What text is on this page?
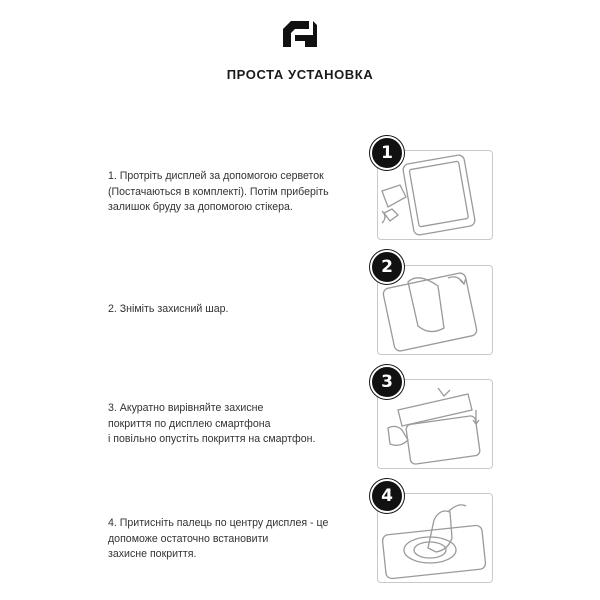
ПРОСТА УСТАНОВКА
1. Протріть дисплей за допомогою серветок
(Постачаються в комплекті). Потім приберіть
залишок бруду за допомогою стікера.
1
2. Зніміть захисний шар.
2
3. Акуратно вирівняйте захисне
покриття по дисплею смартфона
і повільно опустіть покриття на смартфон.
3
4. Притисніть палець по центру дисплея - це
допоможе остаточно встановити
захисне покриття.
4
